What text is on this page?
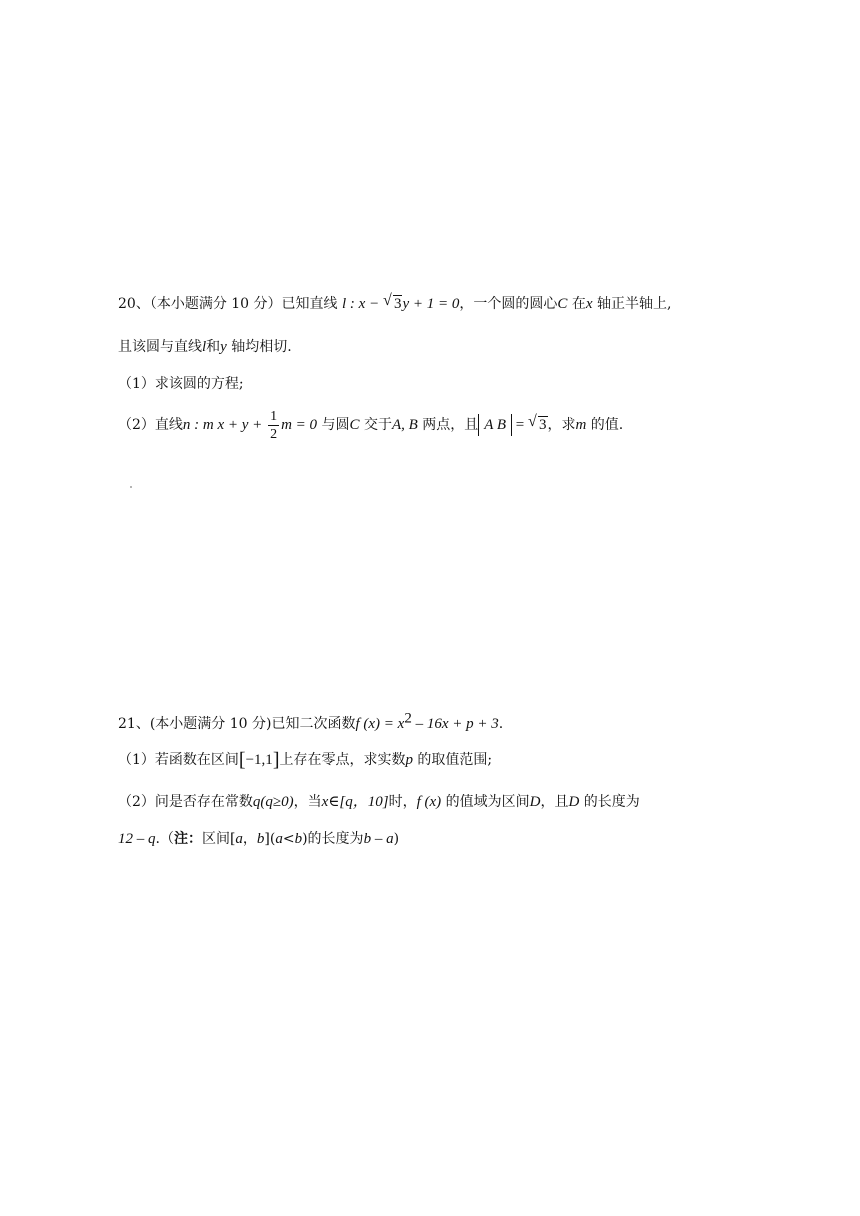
20、（本小题满分 10 分）已知直线 l : x − √ 3y + 1 = 0，一个圆的圆心C 在x 轴正半轴上,
且该圆与直线l和y 轴均相切.
（1）求该圆的方程;
（2）直线n : m $x + y + \frac{1}{2}$ m = 0 与圆C 交于A, B 两点，且 A B = √ 3，求m 的值.
21、(本小题满分 10 分)已知二次函数f $(x) = x^2 - 16x + p + 3$.
（1）若函数在区间[−1,1]上存在零点，求实数p 的取值范围;
（2）问是否存在常数q(q≥0)，当x∈[q，10]时，f (x) 的值域为区间D，且D 的长度为
12 – q.（注：区间[a，b](a<b)的长度为b – a)
